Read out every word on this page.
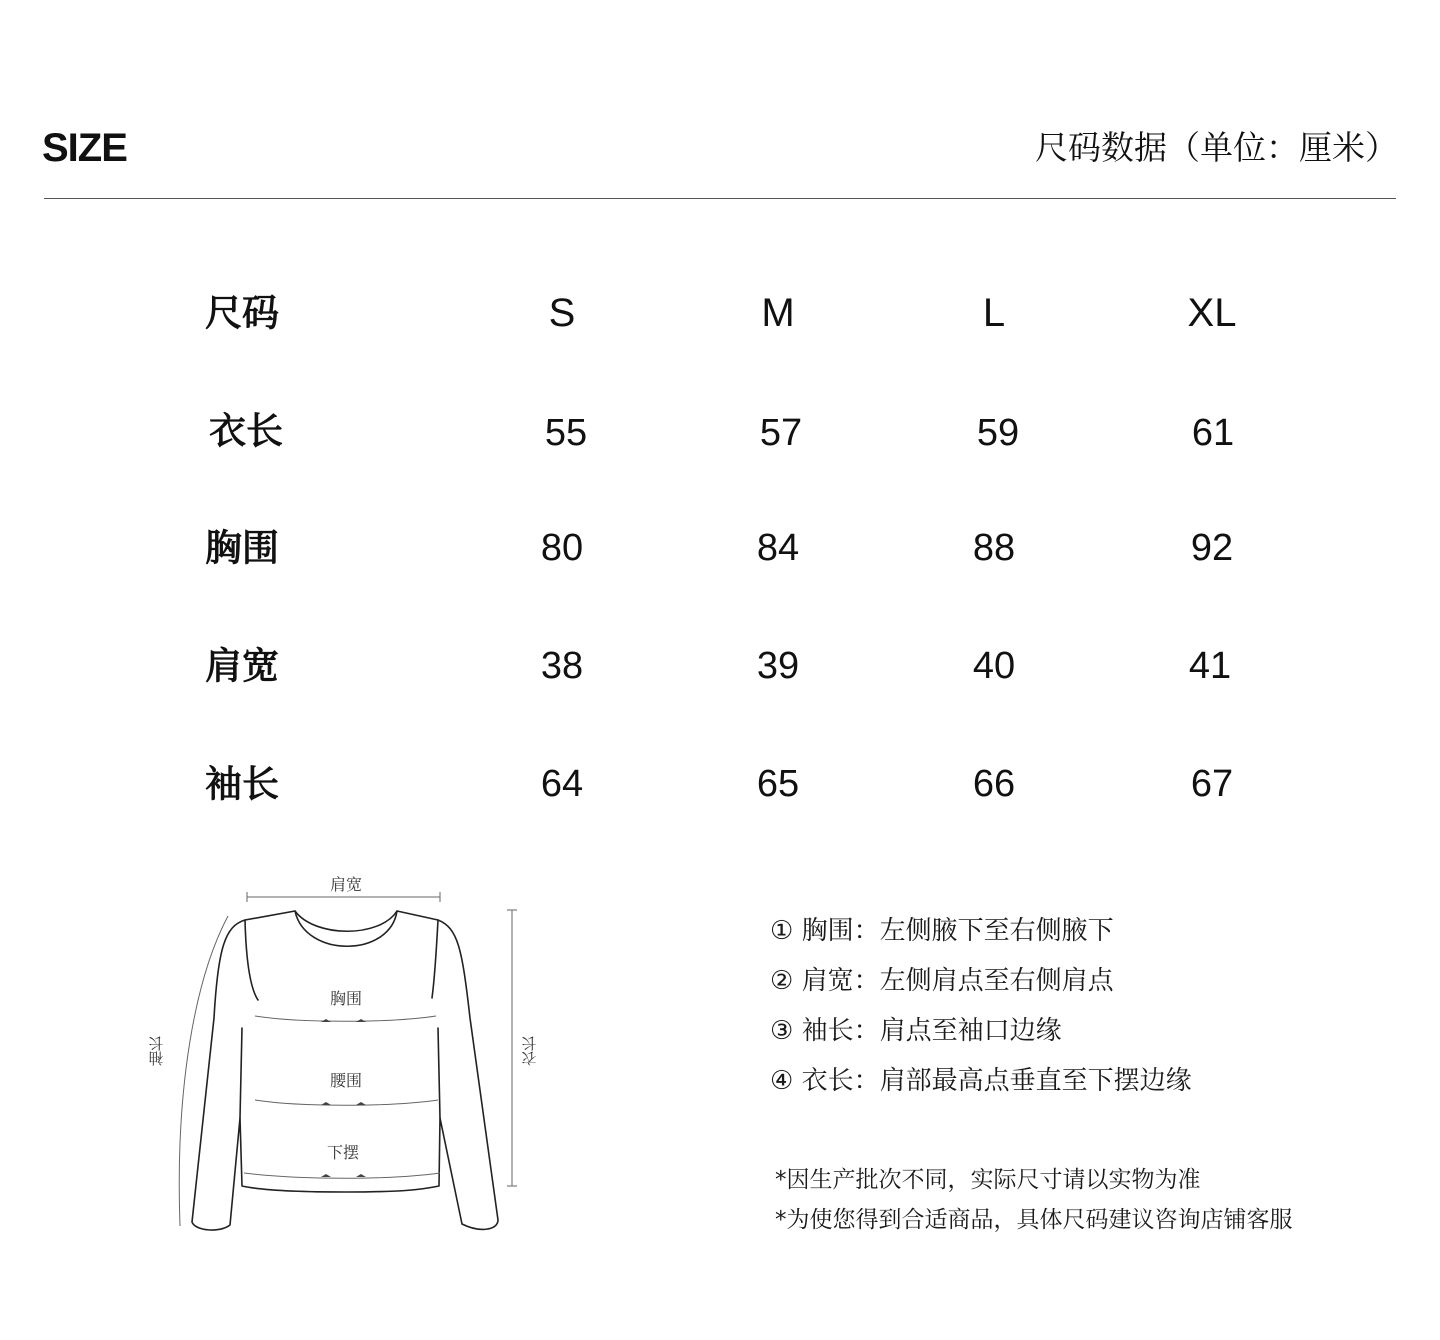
SIZE	尺码数据（单位：厘米）
尺码	S	M	L	XL
衣长	55	57	59	61
胸围	80	84	88	92
肩宽	38	39	40	41
袖长	64	65	66	67
肩宽
胸围
腰围
下摆
袖长	衣长
① 胸围：左侧腋下至右侧腋下
② 肩宽：左侧肩点至右侧肩点
③ 袖长：肩点至袖口边缘
④ 衣长：肩部最高点垂直至下摆边缘
*因生产批次不同，实际尺寸请以实物为准
*为使您得到合适商品，具体尺码建议咨询店铺客服
